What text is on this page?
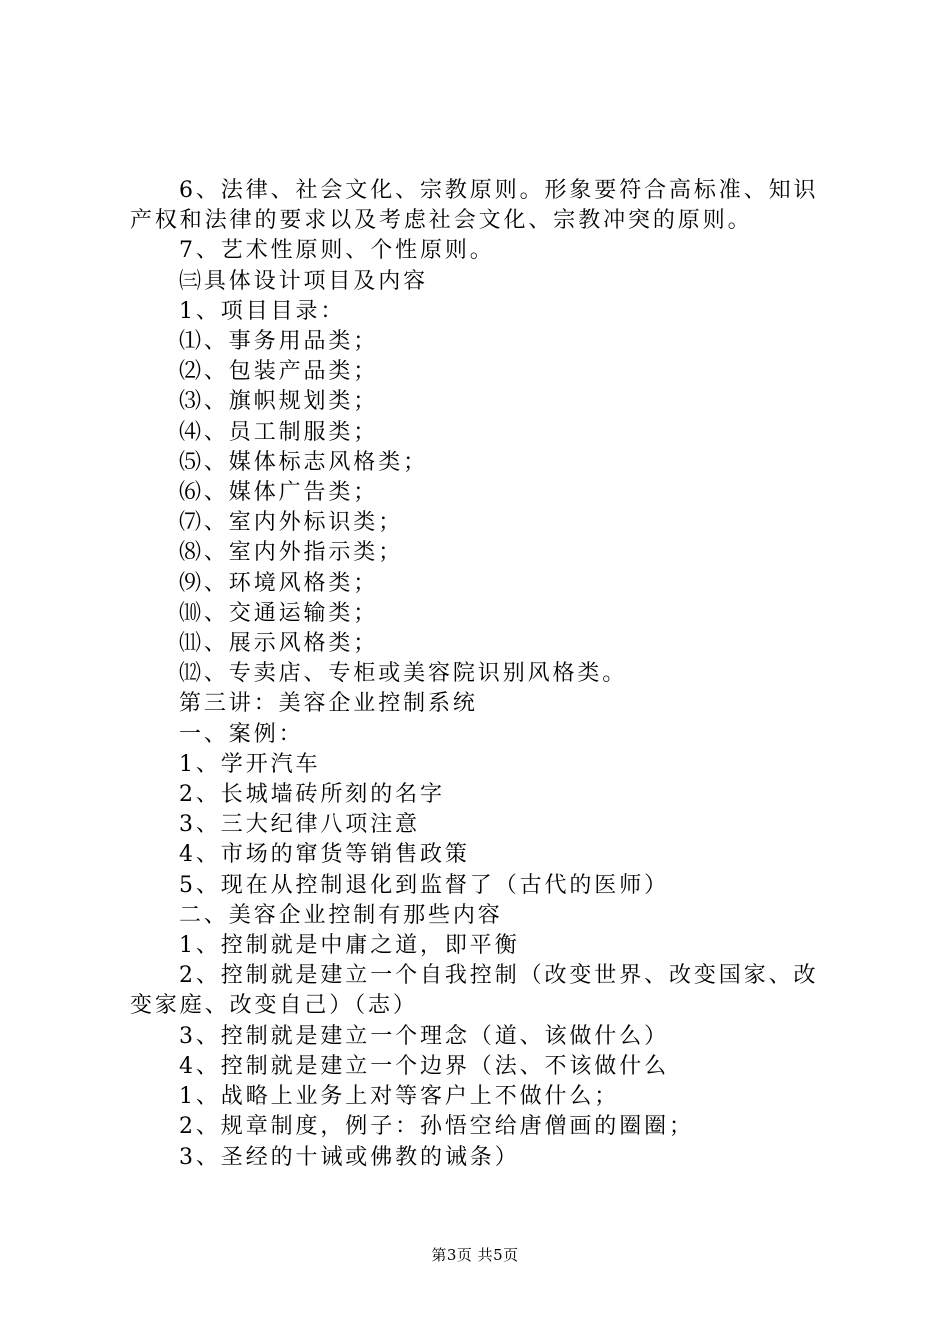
6、法律、社会文化、宗教原则。形象要符合高标准、知识产权和法律的要求以及考虑社会文化、宗教冲突的原则。

7、艺术性原则、个性原则。

㈢具体设计项目及内容

1、项目目录：

⑴、事务用品类；

⑵、包装产品类；

⑶、旗帜规划类；

⑷、员工制服类；

⑸、媒体标志风格类；

⑹、媒体广告类；

⑺、室内外标识类；

⑻、室内外指示类；

⑼、环境风格类；

⑽、交通运输类；

⑾、展示风格类；

⑿、专卖店、专柜或美容院识别风格类。

第三讲：美容企业控制系统

一、案例：

1、学开汽车

2、长城墙砖所刻的名字

3、三大纪律八项注意

4、市场的窜货等销售政策

5、现在从控制退化到监督了（古代的医师）

二、美容企业控制有那些内容

1、控制就是中庸之道，即平衡

2、控制就是建立一个自我控制（改变世界、改变国家、改变家庭、改变自己）（志）

3、控制就是建立一个理念（道、该做什么）

4、控制就是建立一个边界（法、不该做什么

1、战略上业务上对等客户上不做什么；

2、规章制度，例子：孙悟空给唐僧画的圈圈；

3、圣经的十诫或佛教的诫条）

第3页 共5页
